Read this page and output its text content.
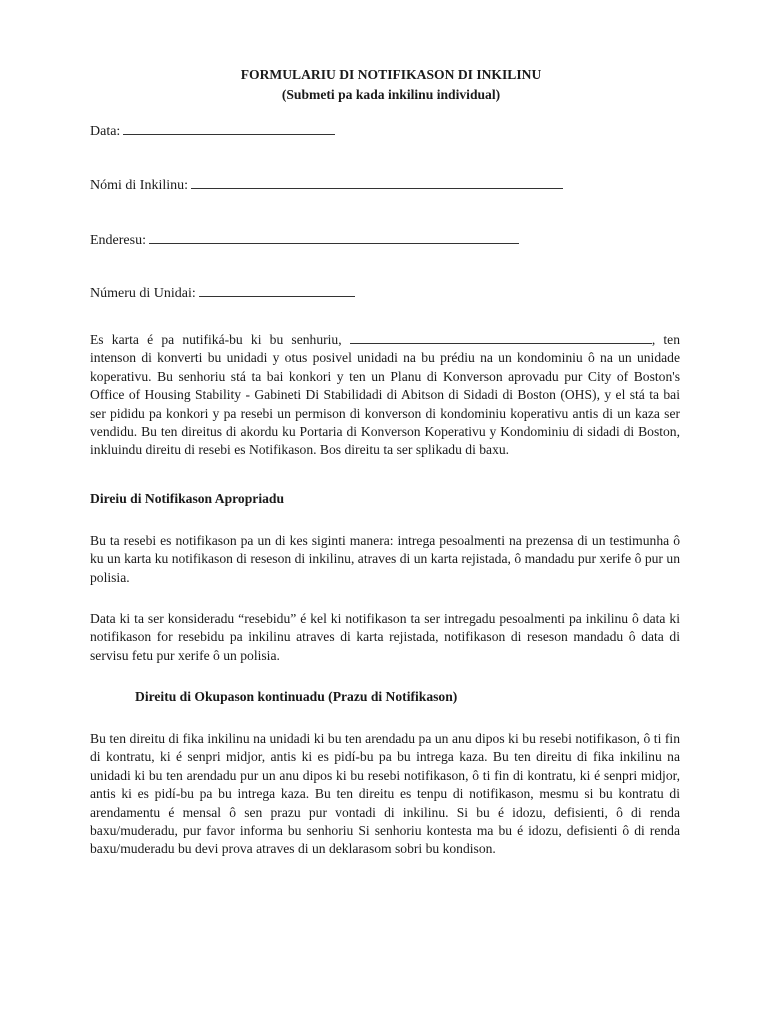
FORMULARIU DI NOTIFIKASON DI INKILINU
(Submeti pa kada inkilinu individual)
Data:
Nómi di Inkilinu:
Enderesu:
Númeru di Unidai:
Es karta é pa nutifiká-bu ki bu senhuriu,	, ten intenson di konverti bu unidadi y otus posivel unidadi na bu prédiu na un kondominiu ô na un unidade koperativu. Bu senhoriu stá ta bai konkori y ten un Planu di Konverson aprovadu pur City of Boston's Office of Housing Stability - Gabineti Di Stabilidadi di Abitson di Sidadi di Boston (OHS), y el stá ta bai ser pididu pa konkori y pa resebi un permison di konverson di kondominiu koperativu antis di un kaza ser vendidu. Bu ten direitus di akordu ku Portaria di Konverson Koperativu y Kondominiu di sidadi di Boston, inkluindu direitu di resebi es Notifikason. Bos direitu ta ser splikadu di baxu.
Direiu di Notifikason Apropriadu
Bu ta resebi es notifikason pa un di kes siginti manera: intrega pesoalmenti na prezensa di un testimunha ô ku un karta ku notifikason di reseson di inkilinu, atraves di un karta rejistada, ô mandadu pur xerife ô pur un polisia.
Data ki ta ser konsideradu “resebidu” é kel ki notifikason ta ser intregadu pesoalmenti pa inkilinu ô data ki notifikason for resebidu pa inkilinu atraves di karta rejistada, notifikason di reseson mandadu ô data di servisu fetu pur xerife ô un polisia.
Direitu di Okupason kontinuadu (Prazu di Notifikason)
Bu ten direitu di fika inkilinu na unidadi ki bu ten arendadu pa un anu dipos ki bu resebi notifikason, ô ti fin di kontratu, ki é senpri midjor, antis ki es pidí-bu pa bu intrega kaza. Bu ten direitu di fika inkilinu na unidadi ki bu ten arendadu pur un anu dipos ki bu resebi notifikason, ô ti fin di kontratu, ki é senpri midjor, antis ki es pidí-bu pa bu intrega kaza. Bu ten direitu es tenpu di notifikason, mesmu si bu kontratu di arendamentu é mensal ô sen prazu pur vontadi di inkilinu. Si bu é idozu, defisienti, ô di renda baxu/muderadu, pur favor informa bu senhoriu Si senhoriu kontesta ma bu é idozu, defisienti ô di renda baxu/muderadu bu devi prova atraves di un deklarasom sobri bu kondison.
